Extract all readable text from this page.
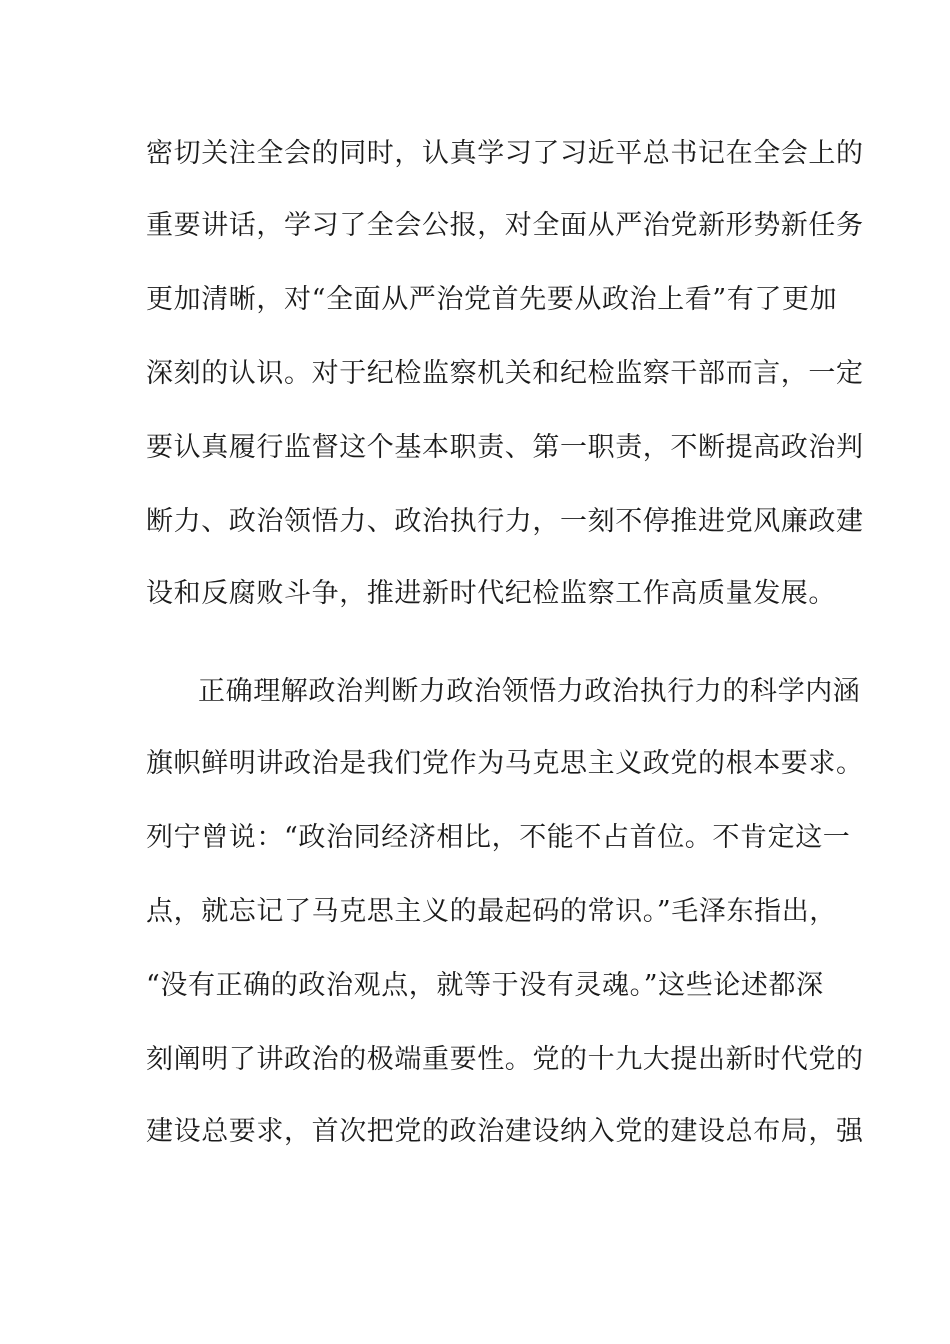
密切关注全会的同时，认真学习了习近平总书记在全会上的
重要讲话，学习了全会公报，对全面从严治党新形势新任务
更加清晰，对“全面从严治党首先要从政治上看”有了更加
深刻的认识。对于纪检监察机关和纪检监察干部而言，一定
要认真履行监督这个基本职责、第一职责，不断提高政治判
断力、政治领悟力、政治执行力，一刻不停推进党风廉政建
设和反腐败斗争，推进新时代纪检监察工作高质量发展。
正确理解政治判断力政治领悟力政治执行力的科学内涵
旗帜鲜明讲政治是我们党作为马克思主义政党的根本要求。
列宁曾说：“政治同经济相比，不能不占首位。不肯定这一
点，就忘记了马克思主义的最起码的常识。”毛泽东指出，
“没有正确的政治观点，就等于没有灵魂。”这些论述都深
刻阐明了讲政治的极端重要性。党的十九大提出新时代党的
建设总要求，首次把党的政治建设纳入党的建设总布局，强
